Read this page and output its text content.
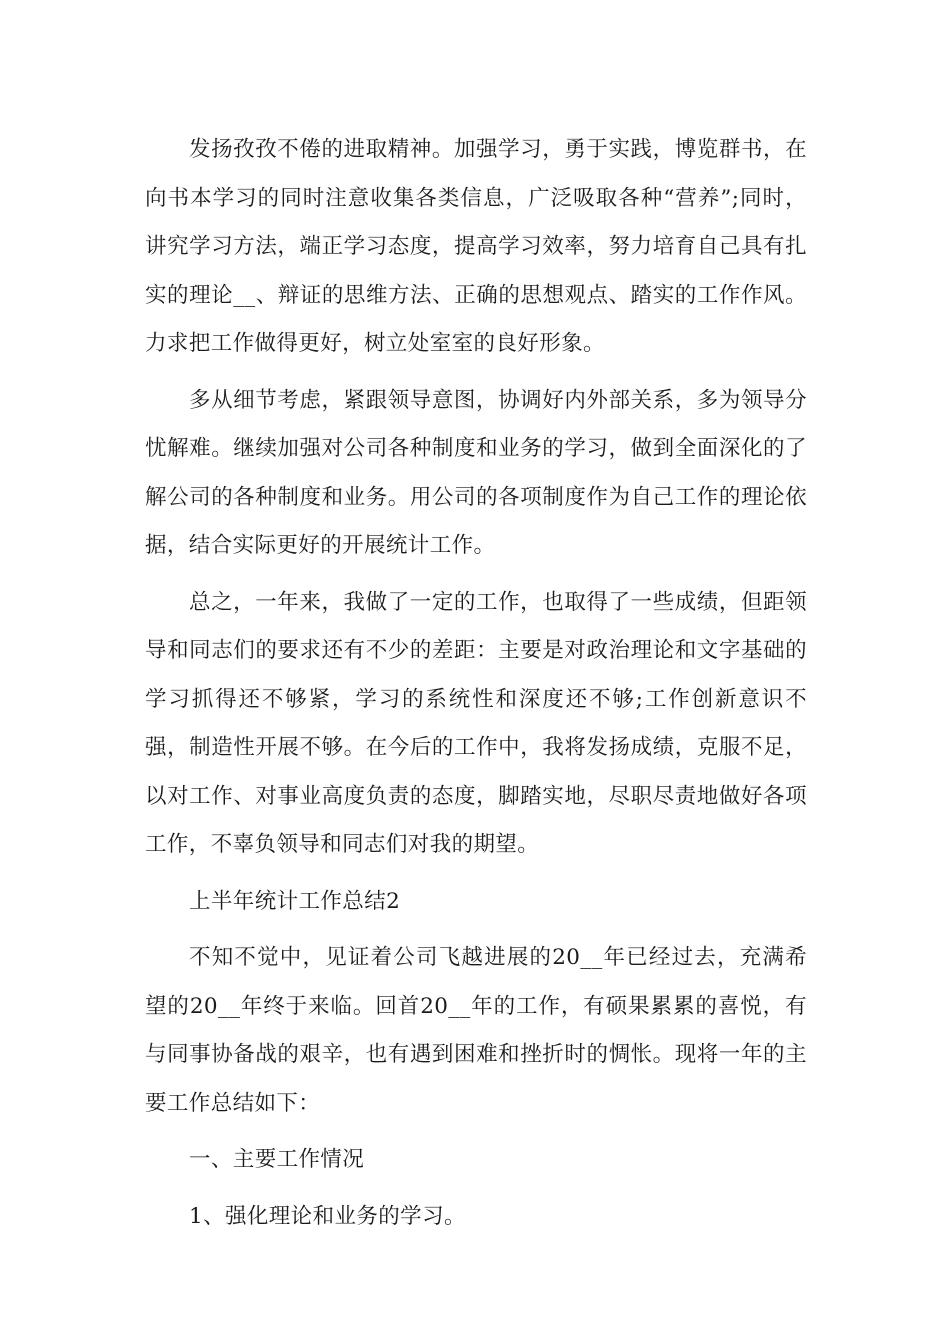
发扬孜孜不倦的进取精神。加强学习，勇于实践，博览群书，在向书本学习的同时注意收集各类信息，广泛吸取各种“营养”;同时，讲究学习方法，端正学习态度，提高学习效率，努力培育自己具有扎实的理论__、辩证的思维方法、正确的思想观点、踏实的工作作风。力求把工作做得更好，树立处室室的良好形象。

多从细节考虑，紧跟领导意图，协调好内外部关系，多为领导分忧解难。继续加强对公司各种制度和业务的学习，做到全面深化的了解公司的各种制度和业务。用公司的各项制度作为自己工作的理论依据，结合实际更好的开展统计工作。

总之，一年来，我做了一定的工作，也取得了一些成绩，但距领导和同志们的要求还有不少的差距：主要是对政治理论和文字基础的学习抓得还不够紧，学习的系统性和深度还不够;工作创新意识不强，制造性开展不够。在今后的工作中，我将发扬成绩，克服不足，以对工作、对事业高度负责的态度，脚踏实地，尽职尽责地做好各项工作，不辜负领导和同志们对我的期望。

上半年统计工作总结2

不知不觉中，见证着公司飞越进展的20__年已经过去，充满希望的20__年终于来临。回首20__年的工作，有硕果累累的喜悦，有与同事协备战的艰辛，也有遇到困难和挫折时的惆怅。现将一年的主要工作总结如下：

一、主要工作情况

1、强化理论和业务的学习。
